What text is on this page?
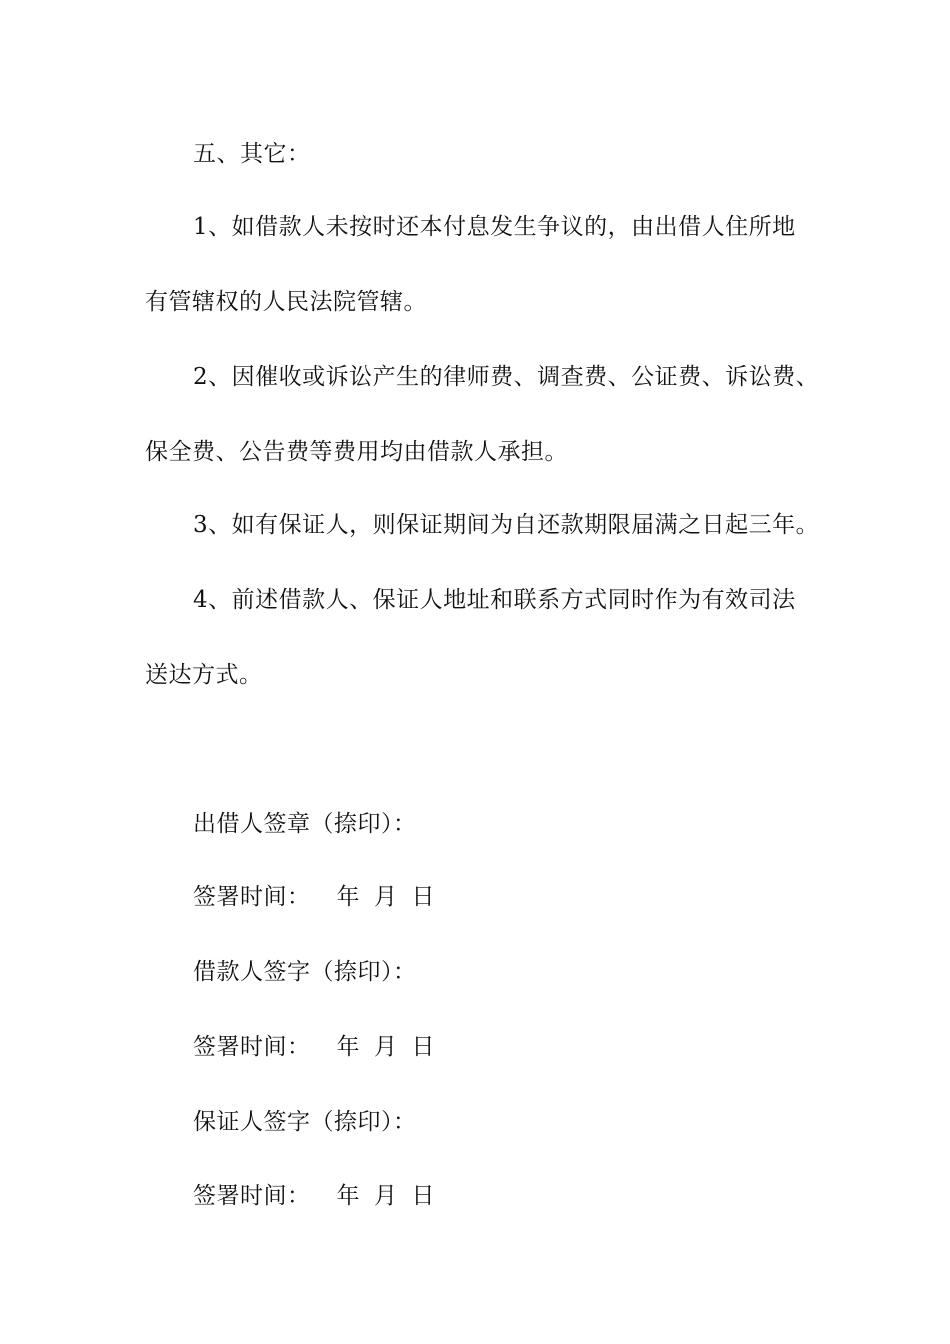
五、其它：
1、如借款人未按时还本付息发生争议的，由出借人住所地
有管辖权的人民法院管辖。
2、因催收或诉讼产生的律师费、调查费、公证费、诉讼费、
保全费、公告费等费用均由借款人承担。
3、如有保证人，则保证期间为自还款期限届满之日起三年。
4、前述借款人、保证人地址和联系方式同时作为有效司法
送达方式。
出借人签章（捺印）：
签署时间： 年 月 日
借款人签字（捺印）：
签署时间： 年 月 日
保证人签字（捺印）：
签署时间： 年 月 日
